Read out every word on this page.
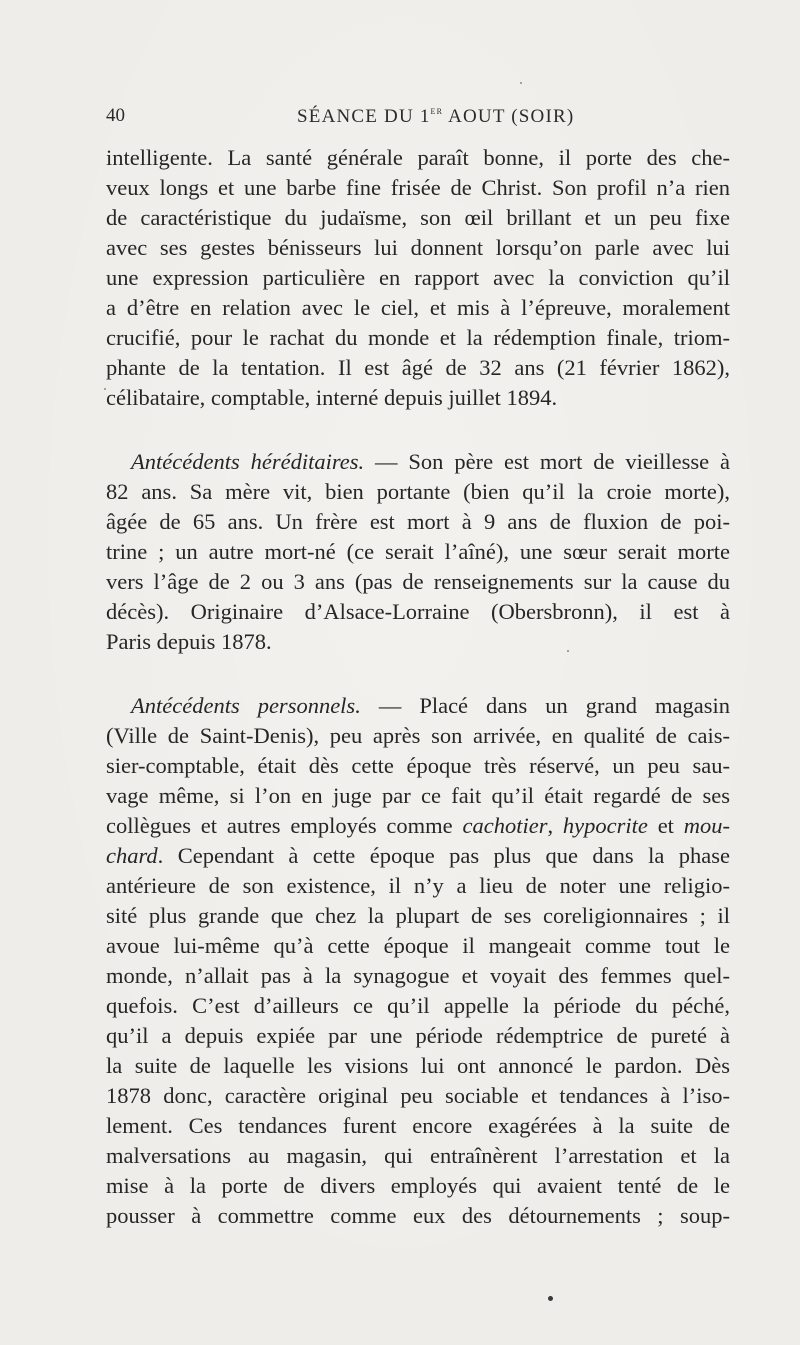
40	SÉANCE DU 1er AOUT (SOIR)

intelligente. La santé générale paraît bonne, il porte des che-
veux longs et une barbe fine frisée de Christ. Son profil n’a rien
de caractéristique du judaïsme, son œil brillant et un peu fixe
avec ses gestes bénisseurs lui donnent lorsqu’on parle avec lui
une expression particulière en rapport avec la conviction qu’il
a d’être en relation avec le ciel, et mis à l’épreuve, moralement
crucifié, pour le rachat du monde et la rédemption finale, triom-
phante de la tentation. Il est âgé de 32 ans (21 février 1862),
célibataire, comptable, interné depuis juillet 1894.

Antécédents héréditaires. — Son père est mort de vieillesse à
82 ans. Sa mère vit, bien portante (bien qu’il la croie morte),
âgée de 65 ans. Un frère est mort à 9 ans de fluxion de poi-
trine ; un autre mort-né (ce serait l’aîné), une sœur serait morte
vers l’âge de 2 ou 3 ans (pas de renseignements sur la cause du
décès). Originaire d’Alsace-Lorraine (Obersbronn), il est à
Paris depuis 1878.

Antécédents personnels. — Placé dans un grand magasin
(Ville de Saint-Denis), peu après son arrivée, en qualité de cais-
sier-comptable, était dès cette époque très réservé, un peu sau-
vage même, si l’on en juge par ce fait qu’il était regardé de ses
collègues et autres employés comme cachotier, hypocrite et mou-
chard. Cependant à cette époque pas plus que dans la phase
antérieure de son existence, il n’y a lieu de noter une religio-
sité plus grande que chez la plupart de ses coreligionnaires ; il
avoue lui-même qu’à cette époque il mangeait comme tout le
monde, n’allait pas à la synagogue et voyait des femmes quel-
quefois. C’est d’ailleurs ce qu’il appelle la période du péché,
qu’il a depuis expiée par une période rédemptrice de pureté à
la suite de laquelle les visions lui ont annoncé le pardon. Dès
1878 donc, caractère original peu sociable et tendances à l’iso-
lement. Ces tendances furent encore exagérées à la suite de
malversations au magasin, qui entraînèrent l’arrestation et la
mise à la porte de divers employés qui avaient tenté de le
pousser à commettre comme eux des détournements ; soup-
